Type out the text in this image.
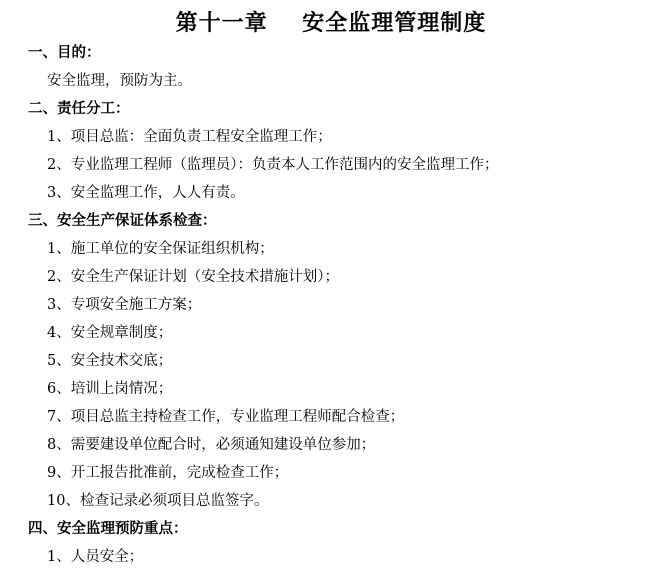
第十一章    安全监理管理制度
一、目的：
安全监理，预防为主。
二、责任分工：
1、项目总监：全面负责工程安全监理工作；
2、专业监理工程师（监理员）：负责本人工作范围内的安全监理工作；
3、安全监理工作，人人有责。
三、安全生产保证体系检查：
1、施工单位的安全保证组织机构；
2、安全生产保证计划（安全技术措施计划）；
3、专项安全施工方案；
4、安全规章制度；
5、安全技术交底；
6、培训上岗情况；
7、项目总监主持检查工作，专业监理工程师配合检查；
8、需要建设单位配合时，必须通知建设单位参加；
9、开工报告批准前，完成检查工作；
10、检查记录必须项目总监签字。
四、安全监理预防重点：
1、人员安全；
